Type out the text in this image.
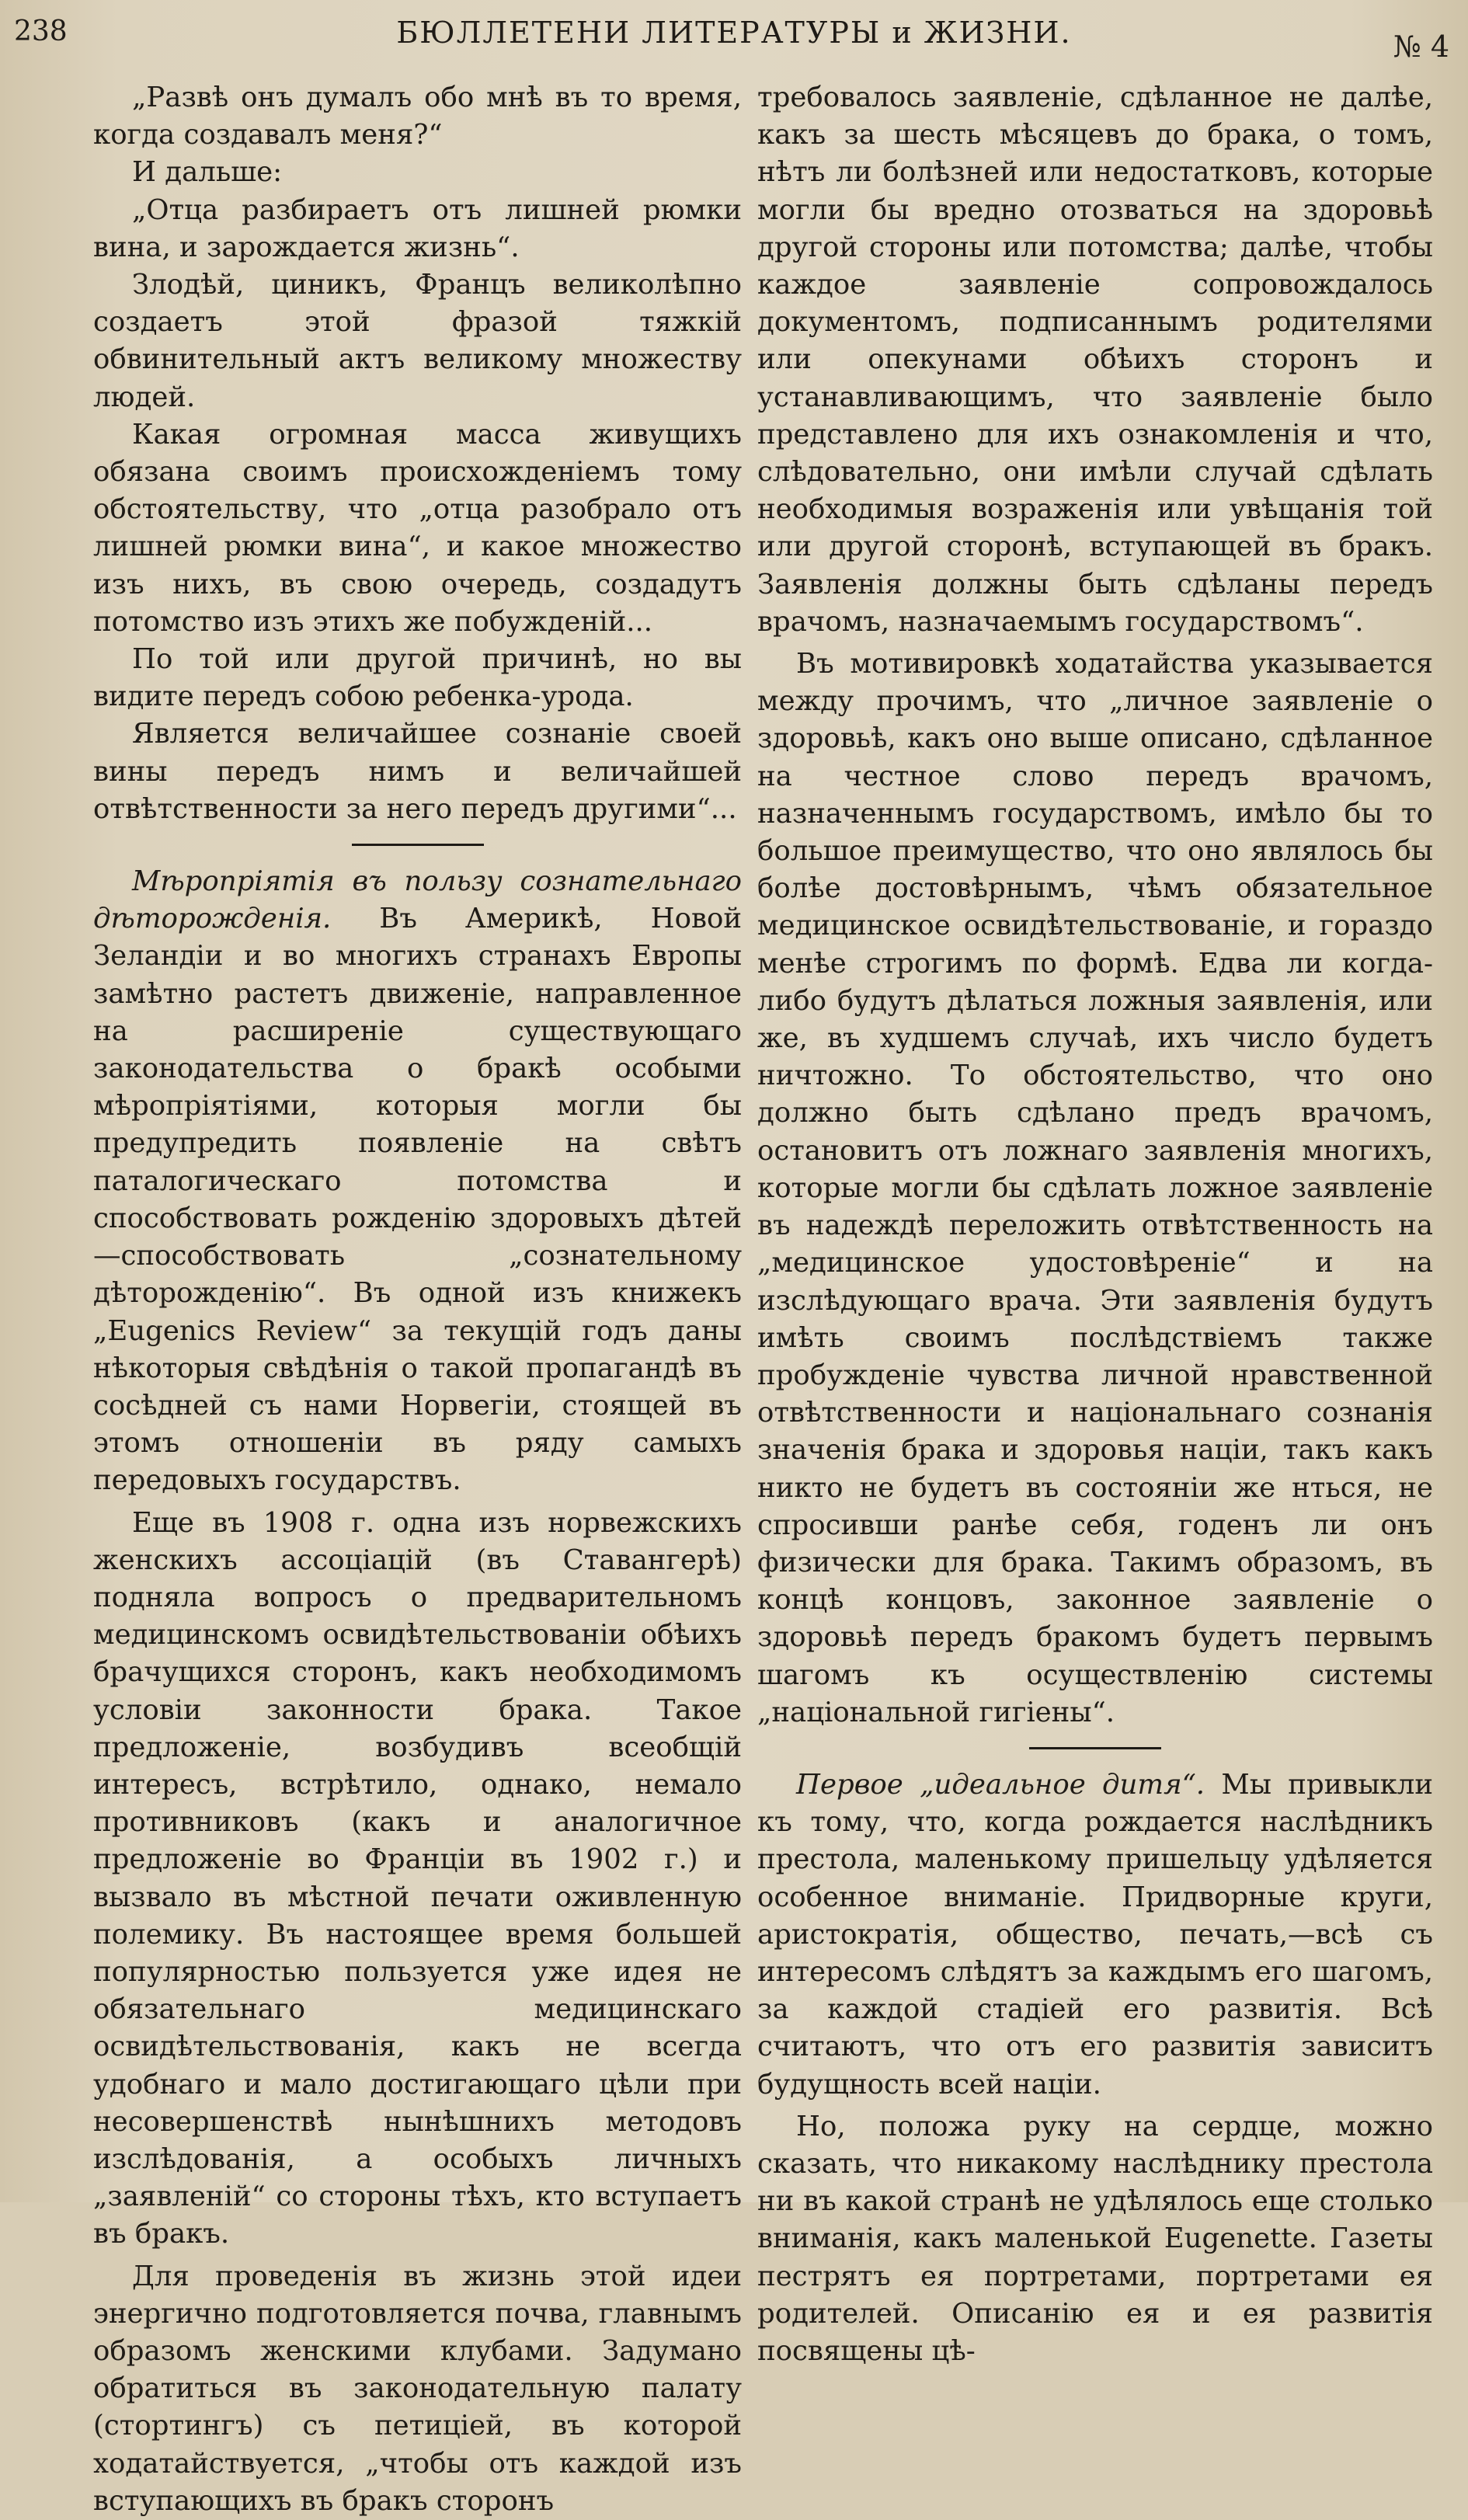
238	БЮЛЛЕТЕНИ ЛИТЕРАТУРЫ и ЖИЗНИ.	№ 4

„Развѣ онъ думалъ обо мнѣ въ то время, когда создавалъ меня?“

И дальше:

„Отца разбираетъ отъ лишней рюмки вина, и зарождается жизнь“.

Злодѣй, циникъ, Францъ великолѣпно создаетъ этой фразой тяжкій обвинительный актъ великому множеству людей.

Какая огромная масса живущихъ обязана своимъ происхожденіемъ тому обстоятельству, что „отца разобрало отъ лишней рюмки вина“, и какое множество изъ нихъ, въ свою очередь, создадутъ потомство изъ этихъ же побужденій...

По той или другой причинѣ, но вы видите передъ собою ребенка-урода.

Является величайшее сознаніе своей вины передъ нимъ и величайшей отвѣтственности за него передъ другими“...

Мѣропріятія въ пользу сознательнаго дѣторожденія. Въ Америкѣ, Новой Зеландіи и во многихъ странахъ Европы замѣтно растетъ движеніе, направленное на расширеніе существующаго законодательства о бракѣ особыми мѣропріятіями, которыя могли бы предупредить появленіе на свѣтъ паталогическаго потомства и способствовать рожденію здоровыхъ дѣтей—способствовать „сознательному дѣторожденію“. Въ одной изъ книжекъ „Eugenics Review“ за текущій годъ даны нѣкоторыя свѣдѣнія о такой пропагандѣ въ сосѣдней съ нами Норвегіи, стоящей въ этомъ отношеніи въ ряду самыхъ передовыхъ государствъ.

Еще въ 1908 г. одна изъ норвежскихъ женскихъ ассоціацій (въ Ставангерѣ) подняла вопросъ о предварительномъ медицинскомъ освидѣтельствованіи обѣихъ брачущихся сторонъ, какъ необходимомъ условіи законности брака. Такое предложеніе, возбудивъ всеобщій интересъ, встрѣтило, однако, немало противниковъ (какъ и аналогичное предложеніе во Франціи въ 1902 г.) и вызвало въ мѣстной печати оживленную полемику. Въ настоящее время большей популярностью пользуется уже идея не обязательнаго медицинскаго освидѣтельствованія, какъ не всегда удобнаго и мало достигающаго цѣли при несовершенствѣ нынѣшнихъ методовъ изслѣдованія, а особыхъ личныхъ „заявленій“ со стороны тѣхъ, кто вступаетъ въ бракъ.

Для проведенія въ жизнь этой идеи энергично подготовляется почва, главнымъ образомъ женскими клубами. Задумано обратиться въ законодательную палату (стортингъ) съ петиціей, въ которой ходатайствуется, „чтобы отъ каждой изъ вступающихъ въ бракъ сторонъ

требовалось заявленіе, сдѣланное не далѣе, какъ за шесть мѣсяцевъ до брака, о томъ, нѣтъ ли болѣзней или недостатковъ, которые могли бы вредно отозваться на здоровьѣ другой стороны или потомства; далѣе, чтобы каждое заявленіе сопровождалось документомъ, подписаннымъ родителями или опекунами обѣихъ сторонъ и устанавливающимъ, что заявленіе было представлено для ихъ ознакомленія и что, слѣдовательно, они имѣли случай сдѣлать необходимыя возраженія или увѣщанія той или другой сторонѣ, вступающей въ бракъ. Заявленія должны быть сдѣланы передъ врачомъ, назначаемымъ государствомъ“.

Въ мотивировкѣ ходатайства указывается между прочимъ, что „личное заявленіе о здоровьѣ, какъ оно выше описано, сдѣланное на честное слово передъ врачомъ, назначеннымъ государствомъ, имѣло бы то большое преимущество, что оно являлось бы болѣе достовѣрнымъ, чѣмъ обязательное медицинское освидѣтельствованіе, и гораздо менѣе строгимъ по формѣ. Едва ли когда-либо будутъ дѣлаться ложныя заявленія, или же, въ худшемъ случаѣ, ихъ число будетъ ничтожно. То обстоятельство, что оно должно быть сдѣлано предъ врачомъ, остановитъ отъ ложнаго заявленія многихъ, которые могли бы сдѣлать ложное заявленіе въ надеждѣ переложить отвѣтственность на „медицинское удостовѣреніе“ и на изслѣдующаго врача. Эти заявленія будутъ имѣть своимъ послѣдствіемъ также пробужденіе чувства личной нравственной отвѣтственности и національнаго сознанія значенія брака и здоровья націи, такъ какъ никто не будетъ въ состояніи же нться, не спросивши ранѣе себя, годенъ ли онъ физически для брака. Такимъ образомъ, въ концѣ концовъ, законное заявленіе о здоровьѣ передъ бракомъ будетъ первымъ шагомъ къ осуществленію системы „національной гигіены“.

Первое „идеальное дитя“. Мы привыкли къ тому, что, когда рождается наслѣдникъ престола, маленькому пришельцу удѣляется особенное вниманіе. Придворные круги, аристократія, общество, печать,—всѣ съ интересомъ слѣдятъ за каждымъ его шагомъ, за каждой стадіей его развитія. Всѣ считаютъ, что отъ его развитія зависитъ будущность всей націи.

Но, положа руку на сердце, можно сказать, что никакому наслѣднику престола ни въ какой странѣ не удѣлялось еще столько вниманія, какъ маленькой Eugenette. Газеты пестрятъ ея портретами, портретами ея родителей. Описанію ея и ея развитія посвящены цѣ-
